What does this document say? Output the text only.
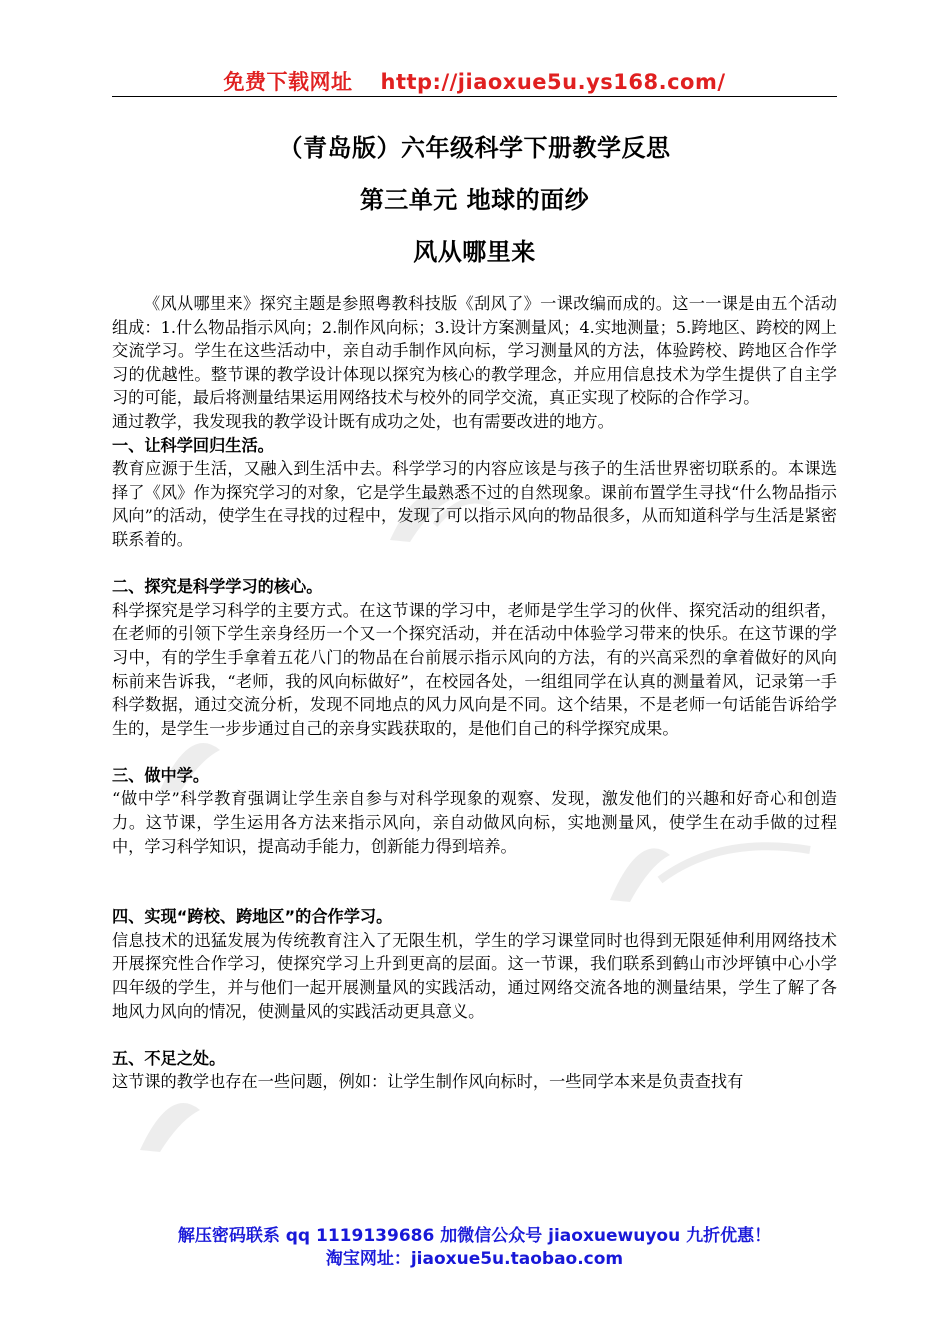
免费下载网址 http://jiaoxue5u.ys168.com/
（青岛版）六年级科学下册教学反思
第三单元 地球的面纱
风从哪里来

《风从哪里来》探究主题是参照粤教科技版《刮风了》一课改编而成的。这一一课是由五个活动组成：1.什么物品指示风向；2.制作风向标；3.设计方案测量风；4.实地测量；5.跨地区、跨校的网上交流学习。学生在这些活动中，亲自动手制作风向标，学习测量风的方法，体验跨校、跨地区合作学习的优越性。整节课的教学设计体现以探究为核心的教学理念，并应用信息技术为学生提供了自主学习的可能，最后将测量结果运用网络技术与校外的同学交流，真正实现了校际的合作学习。

通过教学，我发现我的教学设计既有成功之处，也有需要改进的地方。

一、让科学回归生活。

教育应源于生活，又融入到生活中去。科学学习的内容应该是与孩子的生活世界密切联系的。本课选择了《风》作为探究学习的对象，它是学生最熟悉不过的自然现象。课前布置学生寻找“什么物品指示风向”的活动，使学生在寻找的过程中，发现了可以指示风向的物品很多，从而知道科学与生活是紧密联系着的。

二、探究是科学学习的核心。

科学探究是学习科学的主要方式。在这节课的学习中，老师是学生学习的伙伴、探究活动的组织者，在老师的引领下学生亲身经历一个又一个探究活动，并在活动中体验学习带来的快乐。在这节课的学习中，有的学生手拿着五花八门的物品在台前展示指示风向的方法，有的兴高采烈的拿着做好的风向标前来告诉我，“老师，我的风向标做好”，在校园各处，一组组同学在认真的测量着风，记录第一手科学数据，通过交流分析，发现不同地点的风力风向是不同。这个结果，不是老师一句话能告诉给学生的，是学生一步步通过自己的亲身实践获取的，是他们自己的科学探究成果。

三、做中学。

“做中学”科学教育强调让学生亲自参与对科学现象的观察、发现，激发他们的兴趣和好奇心和创造力。这节课，学生运用各方法来指示风向，亲自动做风向标，实地测量风，使学生在动手做的过程中，学习科学知识，提高动手能力，创新能力得到培养。

四、实现“跨校、跨地区”的合作学习。

信息技术的迅猛发展为传统教育注入了无限生机，学生的学习课堂同时也得到无限延伸利用网络技术开展探究性合作学习，使探究学习上升到更高的层面。这一节课，我们联系到鹤山市沙坪镇中心小学四年级的学生，并与他们一起开展测量风的实践活动，通过网络交流各地的测量结果，学生了解了各地风力风向的情况，使测量风的实践活动更具意义。

五、不足之处。

这节课的教学也存在一些问题，例如：让学生制作风向标时，一些同学本来是负责查找有

解压密码联系 qq 1119139686 加微信公众号 jiaoxuewuyou 九折优惠！
淘宝网址：jiaoxue5u.taobao.com
